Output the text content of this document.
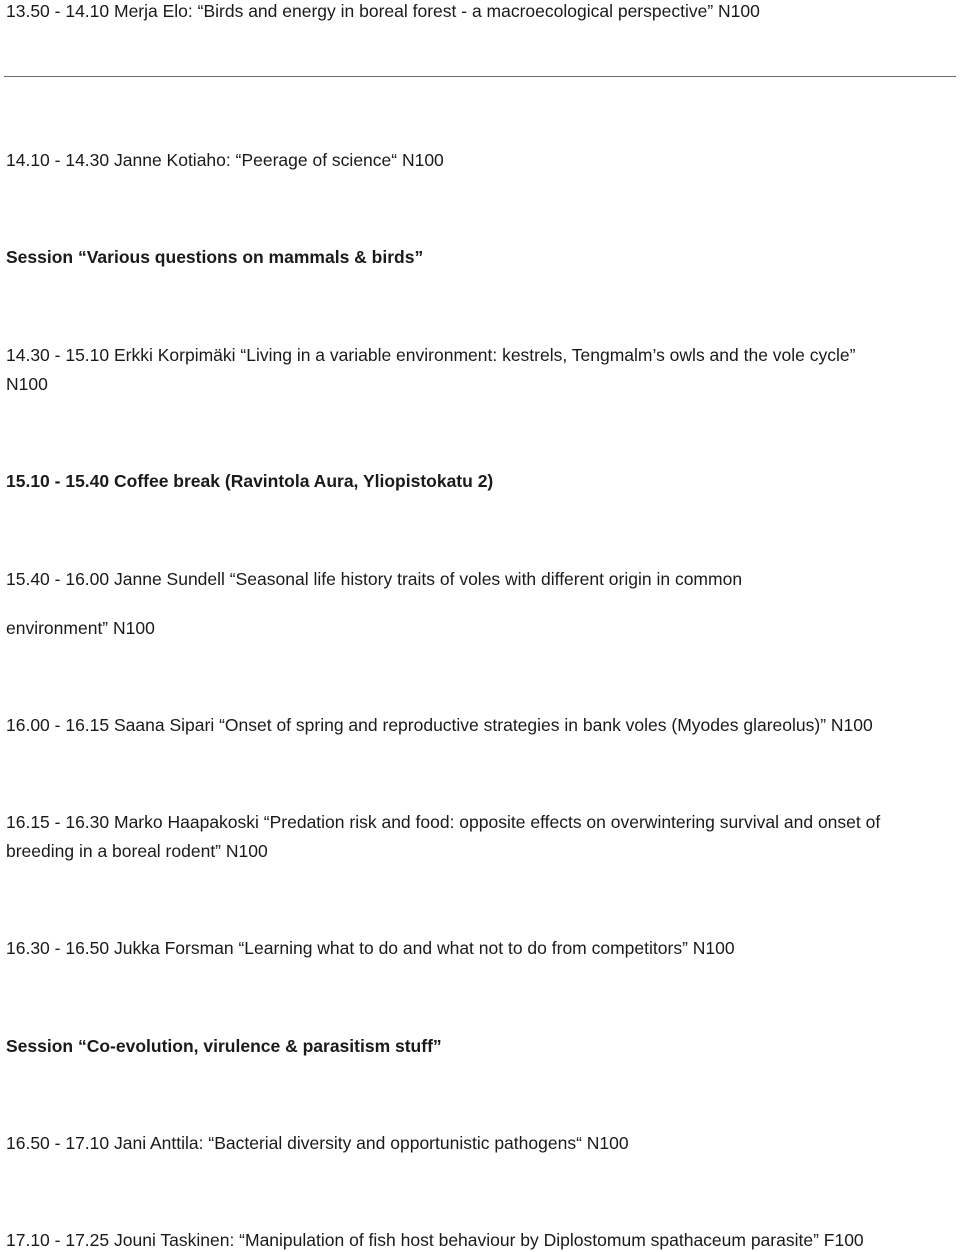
13.50 - 14.10 Merja Elo: “Birds and energy in boreal forest - a macroecological perspective” N100
14.10 - 14.30 Janne Kotiaho: “Peerage of science“ N100
Session “Various questions on mammals & birds”
14.30 - 15.10 Erkki Korpimäki “Living in a variable environment: kestrels, Tengmalm’s owls and the vole cycle”
N100
15.10 - 15.40 Coffee break (Ravintola Aura, Yliopistokatu 2)
15.40 - 16.00 Janne Sundell “Seasonal life history traits of voles with different origin in common
environment” N100
16.00 - 16.15 Saana Sipari “Onset of spring and reproductive strategies in bank voles (Myodes glareolus)” N100
16.15 - 16.30 Marko Haapakoski “Predation risk and food: opposite effects on overwintering survival and onset of
breeding in a boreal rodent” N100
16.30 - 16.50 Jukka Forsman “Learning what to do and what not to do from competitors” N100
Session “Co-evolution, virulence & parasitism stuff”
16.50 - 17.10 Jani Anttila: “Bacterial diversity and opportunistic pathogens“ N100
17.10 - 17.25 Jouni Taskinen: “Manipulation of fish host behaviour by Diplostomum spathaceum parasite” F100
